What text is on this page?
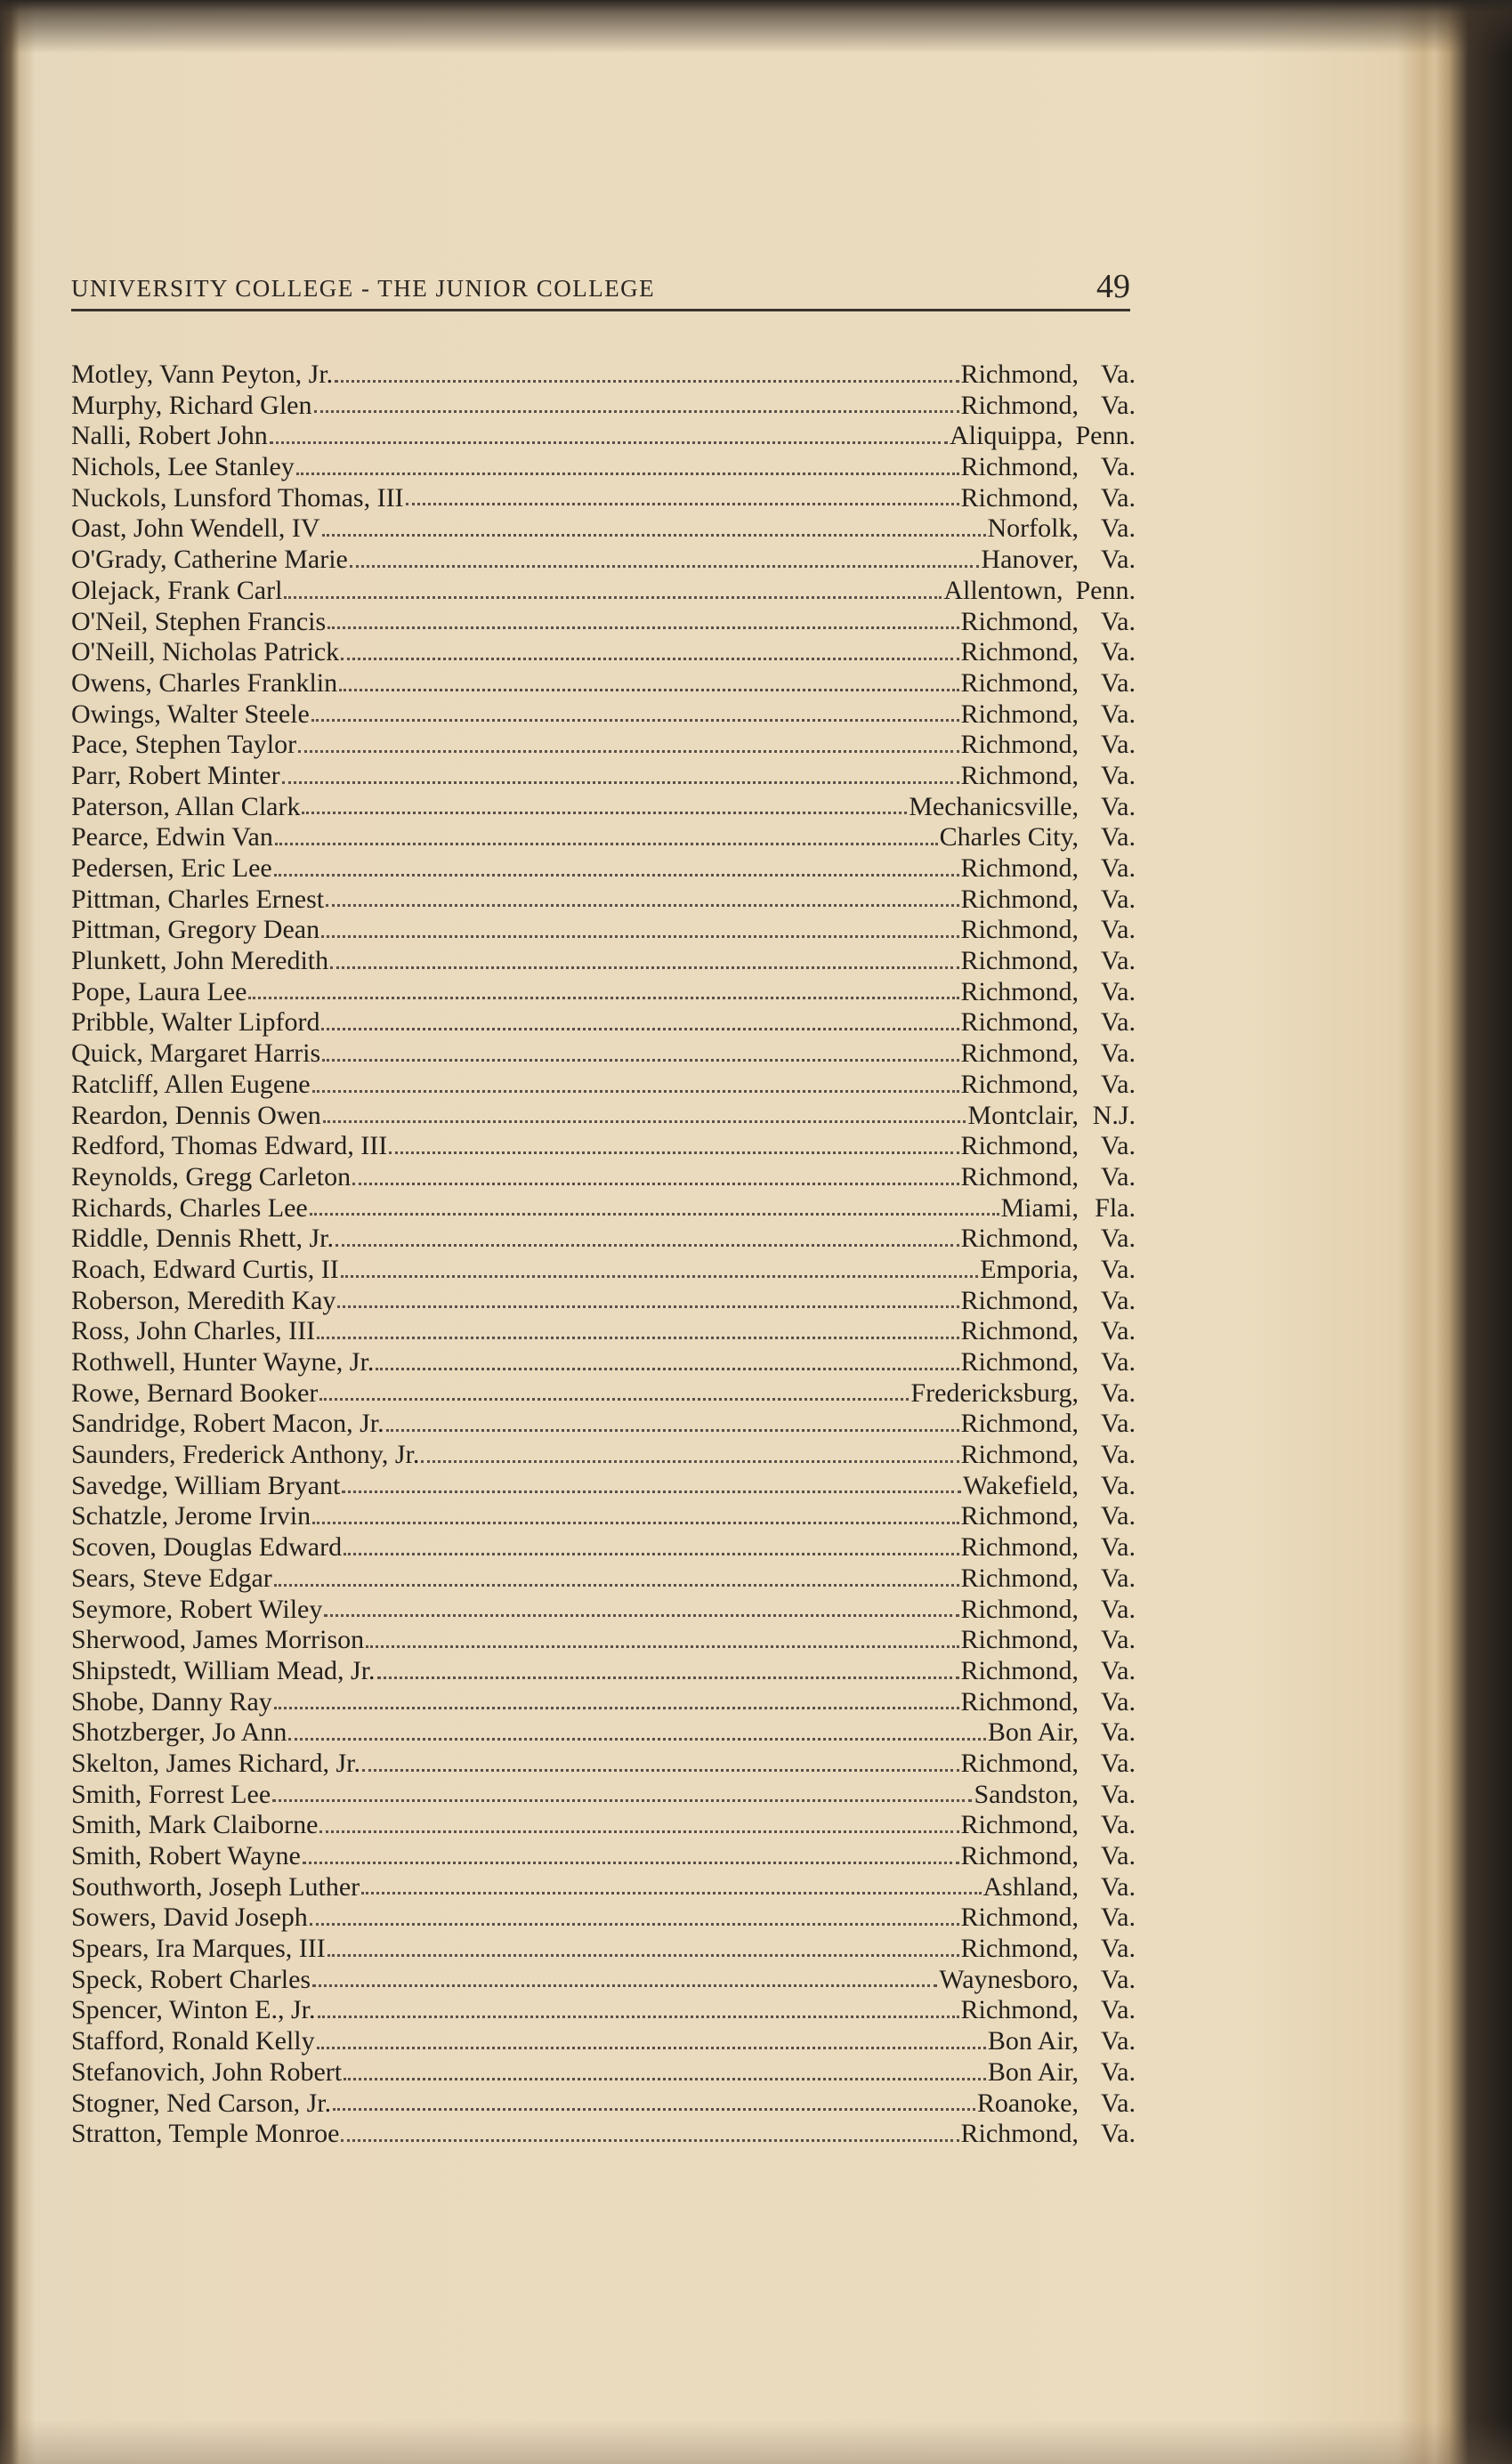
UNIVERSITY COLLEGE - THE JUNIOR COLLEGE	49
Motley, Vann Peyton, Jr.	Richmond, Va.
Murphy, Richard Glen	Richmond, Va.
Nalli, Robert John	Aliquippa, Penn.
Nichols, Lee Stanley	Richmond, Va.
Nuckols, Lunsford Thomas, III	Richmond, Va.
Oast, John Wendell, IV	Norfolk, Va.
O'Grady, Catherine Marie	Hanover, Va.
Olejack, Frank Carl	Allentown, Penn.
O'Neil, Stephen Francis	Richmond, Va.
O'Neill, Nicholas Patrick	Richmond, Va.
Owens, Charles Franklin	Richmond, Va.
Owings, Walter Steele	Richmond, Va.
Pace, Stephen Taylor	Richmond, Va.
Parr, Robert Minter	Richmond, Va.
Paterson, Allan Clark	Mechanicsville, Va.
Pearce, Edwin Van	Charles City, Va.
Pedersen, Eric Lee	Richmond, Va.
Pittman, Charles Ernest	Richmond, Va.
Pittman, Gregory Dean	Richmond, Va.
Plunkett, John Meredith	Richmond, Va.
Pope, Laura Lee	Richmond, Va.
Pribble, Walter Lipford	Richmond, Va.
Quick, Margaret Harris	Richmond, Va.
Ratcliff, Allen Eugene	Richmond, Va.
Reardon, Dennis Owen	Montclair, N.J.
Redford, Thomas Edward, III	Richmond, Va.
Reynolds, Gregg Carleton	Richmond, Va.
Richards, Charles Lee	Miami, Fla.
Riddle, Dennis Rhett, Jr.	Richmond, Va.
Roach, Edward Curtis, II	Emporia, Va.
Roberson, Meredith Kay	Richmond, Va.
Ross, John Charles, III	Richmond, Va.
Rothwell, Hunter Wayne, Jr.	Richmond, Va.
Rowe, Bernard Booker	Fredericksburg, Va.
Sandridge, Robert Macon, Jr.	Richmond, Va.
Saunders, Frederick Anthony, Jr.	Richmond, Va.
Savedge, William Bryant	Wakefield, Va.
Schatzle, Jerome Irvin	Richmond, Va.
Scoven, Douglas Edward	Richmond, Va.
Sears, Steve Edgar	Richmond, Va.
Seymore, Robert Wiley	Richmond, Va.
Sherwood, James Morrison	Richmond, Va.
Shipstedt, William Mead, Jr.	Richmond, Va.
Shobe, Danny Ray	Richmond, Va.
Shotzberger, Jo Ann	Bon Air, Va.
Skelton, James Richard, Jr.	Richmond, Va.
Smith, Forrest Lee	Sandston, Va.
Smith, Mark Claiborne	Richmond, Va.
Smith, Robert Wayne	Richmond, Va.
Southworth, Joseph Luther	Ashland, Va.
Sowers, David Joseph	Richmond, Va.
Spears, Ira Marques, III	Richmond, Va.
Speck, Robert Charles	Waynesboro, Va.
Spencer, Winton E., Jr.	Richmond, Va.
Stafford, Ronald Kelly	Bon Air, Va.
Stefanovich, John Robert	Bon Air, Va.
Stogner, Ned Carson, Jr.	Roanoke, Va.
Stratton, Temple Monroe	Richmond, Va.
